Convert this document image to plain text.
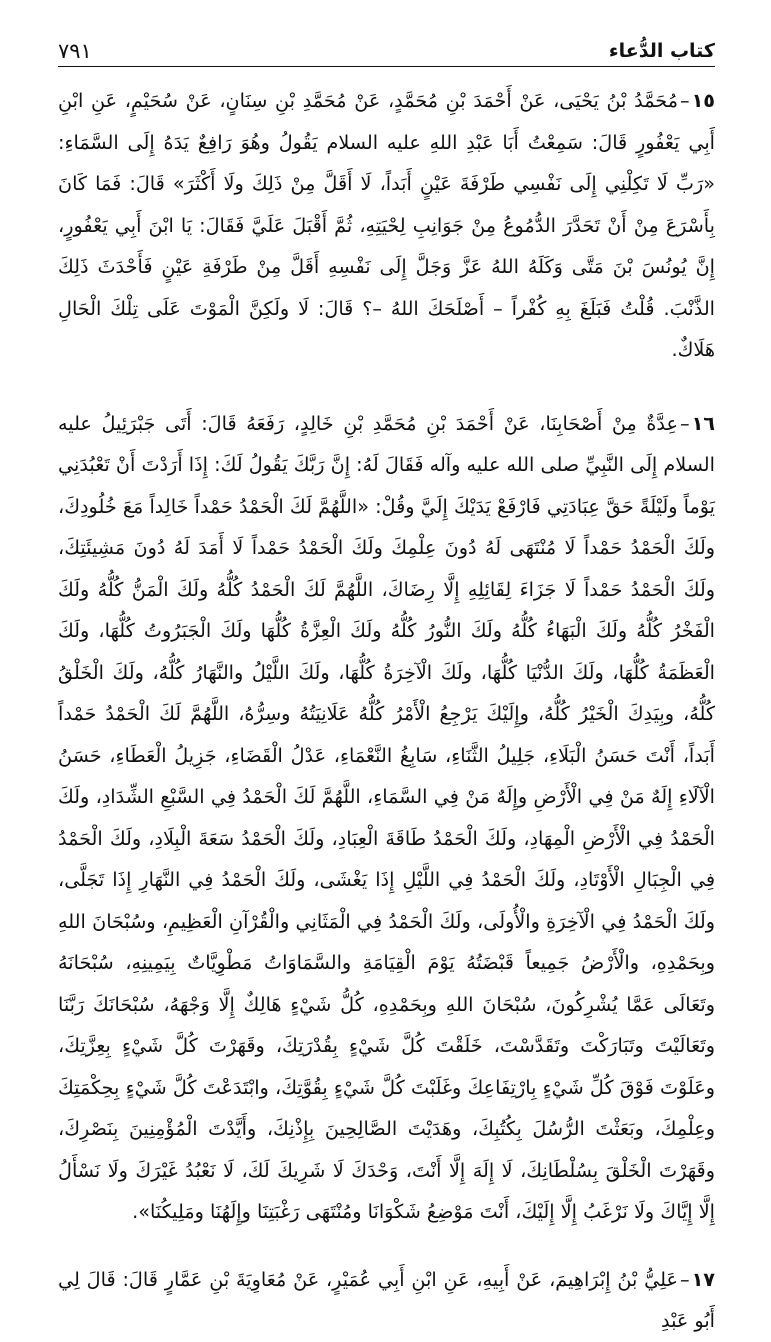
كتاب الدُّعاء
٧٩١

١٥–مُحَمَّدُ بْنُ يَحْيَى، عَنْ أَحْمَدَ بْنِ مُحَمَّدٍ، عَنْ مُحَمَّدِ بْنِ سِنَانٍ، عَنْ سُحَيْمٍ، عَنِ ابْنِ أَبِي يَعْفُورٍ قَالَ: سَمِعْتُ أَبَا عَبْدِ اللهِ عليه السلام يَقُولُ وهُوَ رَافِعٌ يَدَهُ إِلَى السَّمَاءِ: «رَبِّ لَا تَكِلْنِي إِلَى نَفْسِي طَرْفَةَ عَيْنٍ أَبَداً، لَا أَقَلَّ مِنْ ذَلِكَ ولَا أَكْثَرَ» قَالَ: فَمَا كَانَ بِأَسْرَعَ مِنْ أَنْ تَحَدَّرَ الدُّمُوعُ مِنْ جَوَانِبِ لِحْيَتِهِ، ثُمَّ أَقْبَلَ عَلَيَّ فَقَالَ: يَا ابْنَ أَبِي يَعْفُورٍ، إِنَّ يُونُسَ بْنَ مَتَّى وَكَلَهُ اللهُ عَزَّ وَجَلَّ إِلَى نَفْسِهِ أَقَلَّ مِنْ طَرْفَةِ عَيْنٍ فَأَحْدَثَ ذَلِكَ الذَّنْبَ. قُلْتُ فَبَلَغَ بِهِ كُفْراً – أَصْلَحَكَ اللهُ –؟ قَالَ: لَا ولَكِنَّ الْمَوْتَ عَلَى تِلْكَ الْحَالِ هَلَاكٌ.

١٦–عِدَّةٌ مِنْ أَصْحَابِنَا، عَنْ أَحْمَدَ بْنِ مُحَمَّدِ بْنِ خَالِدٍ، رَفَعَهُ قَالَ: أَتَى جَبْرَئِيلُ عليه السلام إِلَى النَّبِيِّ صلى الله عليه وآله فَقَالَ لَهُ: إِنَّ رَبَّكَ يَقُولُ لَكَ: إِذَا أَرَدْتَ أَنْ تَعْبُدَنِي يَوْماً ولَيْلَةً حَقَّ عِبَادَتِي فَارْفَعْ يَدَيْكَ إِلَيَّ وقُلْ: «اللَّهُمَّ لَكَ الْحَمْدُ حَمْداً خَالِداً مَعَ خُلُودِكَ، ولَكَ الْحَمْدُ حَمْداً لَا مُنْتَهَى لَهُ دُونَ عِلْمِكَ ولَكَ الْحَمْدُ حَمْداً لَا أَمَدَ لَهُ دُونَ مَشِيئَتِكَ، ولَكَ الْحَمْدُ حَمْداً لَا جَزَاءَ لِقَائِلِهِ إِلَّا رِضَاكَ، اللَّهُمَّ لَكَ الْحَمْدُ كُلُّهُ ولَكَ الْمَنُّ كُلُّهُ ولَكَ الْفَخْرُ كُلُّهُ ولَكَ الْبَهَاءُ كُلُّهُ ولَكَ النُّورُ كُلُّهُ ولَكَ الْعِزَّةُ كُلُّهَا ولَكَ الْجَبَرُوتُ كُلُّهَا، ولَكَ الْعَظَمَةُ كُلُّهَا، ولَكَ الدُّنْيَا كُلُّهَا، ولَكَ الْآخِرَةُ كُلُّهَا، ولَكَ اللَّيْلُ والنَّهَارُ كُلُّهُ، ولَكَ الْخَلْقُ كُلُّهُ، وبِيَدِكَ الْخَيْرُ كُلُّهُ، وإِلَيْكَ يَرْجِعُ الْأَمْرُ كُلُّهُ عَلَانِيَتُهُ وسِرُّهُ، اللَّهُمَّ لَكَ الْحَمْدُ حَمْداً أَبَداً، أَنْتَ حَسَنُ الْبَلَاءِ، جَلِيلُ الثَّنَاءِ، سَابِغُ النَّعْمَاءِ، عَدْلُ الْقَضَاءِ، جَزِيلُ الْعَطَاءِ، حَسَنُ الْآلَاءِ إِلَهٌ مَنْ فِي الْأَرْضِ وإِلَهٌ مَنْ فِي السَّمَاءِ، اللَّهُمَّ لَكَ الْحَمْدُ فِي السَّبْعِ الشِّدَادِ، ولَكَ الْحَمْدُ فِي الْأَرْضِ الْمِهَادِ، ولَكَ الْحَمْدُ طَاقَةَ الْعِبَادِ، ولَكَ الْحَمْدُ سَعَةَ الْبِلَادِ، ولَكَ الْحَمْدُ فِي الْجِبَالِ الْأَوْتَادِ، ولَكَ الْحَمْدُ فِي اللَّيْلِ إِذَا يَغْشَى، ولَكَ الْحَمْدُ فِي النَّهَارِ إِذَا تَجَلَّى، ولَكَ الْحَمْدُ فِي الْآخِرَةِ والْأُولَى، ولَكَ الْحَمْدُ فِي الْمَثَانِي والْقُرْآنِ الْعَظِيمِ، وسُبْحَانَ اللهِ وبِحَمْدِهِ، والْأَرْضُ جَمِيعاً قَبْضَتُهُ يَوْمَ الْقِيَامَةِ والسَّمَاوَاتُ مَطْوِيَّاتٌ بِيَمِينِهِ، سُبْحَانَهُ وتَعَالَى عَمَّا يُشْرِكُونَ، سُبْحَانَ اللهِ وبِحَمْدِهِ، كُلُّ شَيْءٍ هَالِكٌ إِلَّا وَجْهَهُ، سُبْحَانَكَ رَبَّنَا وتَعَالَيْتَ وتَبَارَكْتَ وتَقَدَّسْتَ، خَلَقْتَ كُلَّ شَيْءٍ بِقُدْرَتِكَ، وقَهَرْتَ كُلَّ شَيْءٍ بِعِزَّتِكَ، وعَلَوْتَ فَوْقَ كُلِّ شَيْءٍ بِارْتِفَاعِكَ وغَلَبْتَ كُلَّ شَيْءٍ بِقُوَّتِكَ، وابْتَدَعْتَ كُلَّ شَيْءٍ بِحِكْمَتِكَ وعِلْمِكَ، وبَعَثْتَ الرُّسُلَ بِكُتُبِكَ، وهَدَيْتَ الصَّالِحِينَ بِإِذْنِكَ، وأَيَّدْتَ الْمُؤْمِنِينَ بِنَصْرِكَ، وقَهَرْتَ الْخَلْقَ بِسُلْطَانِكَ، لَا إِلَهَ إِلَّا أَنْتَ، وَحْدَكَ لَا شَرِيكَ لَكَ، لَا نَعْبُدُ غَيْرَكَ ولَا نَسْأَلُ إِلَّا إِيَّاكَ ولَا نَرْغَبُ إِلَّا إِلَيْكَ، أَنْتَ مَوْضِعُ شَكْوَانَا ومُنْتَهَى رَغْبَتِنَا وإِلَهُنَا ومَلِيكُنَا».

١٧–عَلِيُّ بْنُ إِبْرَاهِيمَ، عَنْ أَبِيهِ، عَنِ ابْنِ أَبِي عُمَيْرٍ، عَنْ مُعَاوِيَةَ بْنِ عَمَّارٍ قَالَ: قَالَ لِي أَبُو عَبْدِ
